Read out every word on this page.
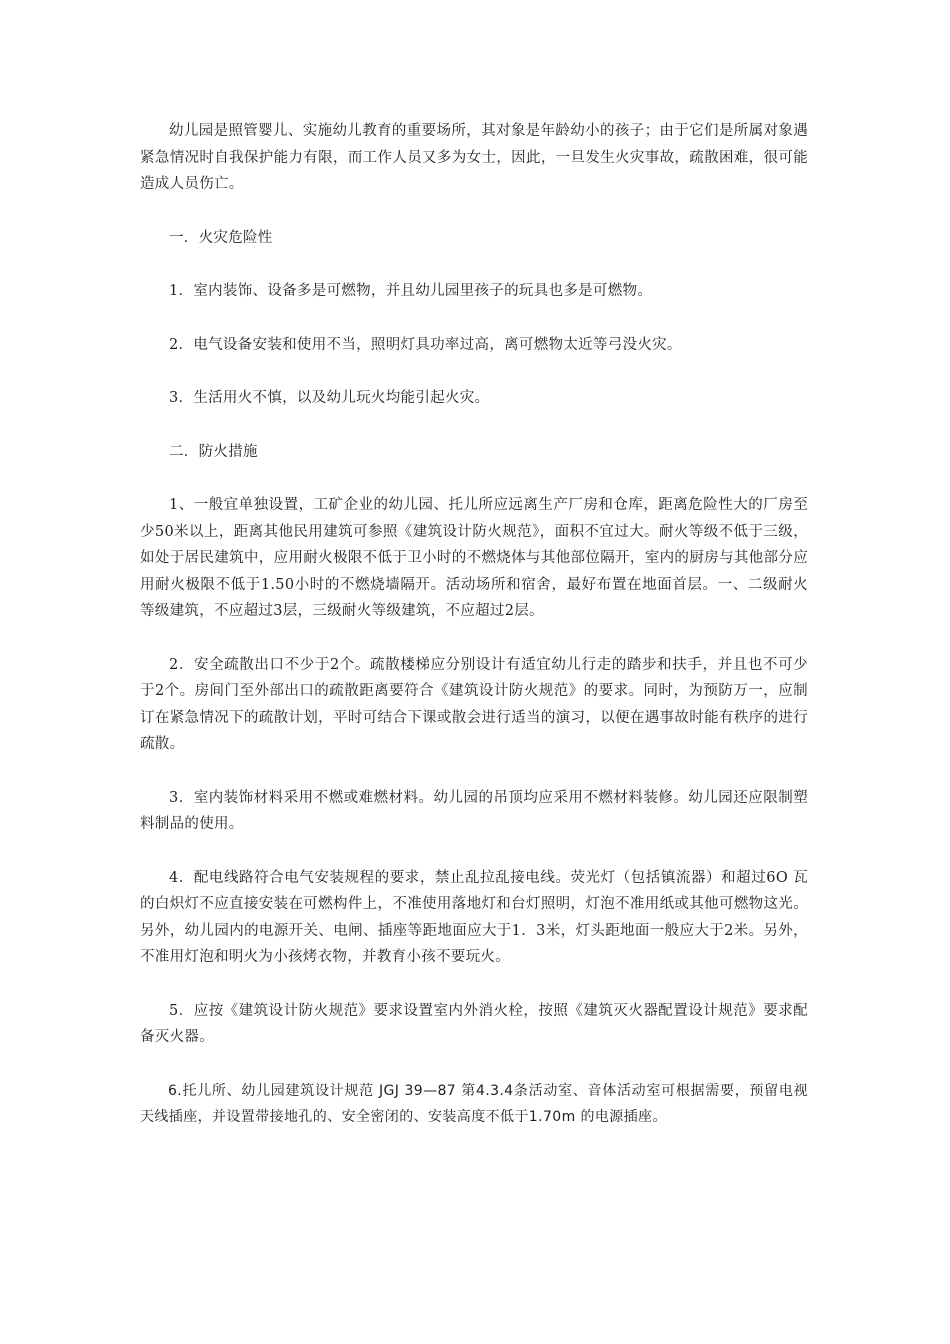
幼儿园是照管婴儿、实施幼儿教育的重要场所，其对象是年龄幼小的孩子；由于它们是所属对象遇紧急情况时自我保护能力有限，而工作人员又多为女士，因此，一旦发生火灾事故，疏散困难，很可能造成人员伤亡。

一．火灾危险性

1．室内装饰、设备多是可燃物，并且幼儿园里孩子的玩具也多是可燃物。

2．电气设备安装和使用不当，照明灯具功率过高，离可燃物太近等弓没火灾。

3．生活用火不慎，以及幼儿玩火均能引起火灾。

二．防火措施

1、一般宜单独设置，工矿企业的幼儿园、托儿所应远离生产厂房和仓库，距离危险性大的厂房至少50米以上，距离其他民用建筑可参照《建筑设计防火规范》，面积不宜过大。耐火等级不低于三级，如处于居民建筑中，应用耐火极限不低于卫小时的不燃烧体与其他部位隔开，室内的厨房与其他部分应用耐火极限不低于1.50小时的不燃烧墙隔开。活动场所和宿舍，最好布置在地面首层。一、二级耐火等级建筑，不应超过3层，三级耐火等级建筑，不应超过2层。

2．安全疏散出口不少于2个。疏散楼梯应分别设计有适宜幼儿行走的踏步和扶手，并且也不可少于2个。房间门至外部出口的疏散距离要符合《建筑设计防火规范》的要求。同时，为预防万一，应制订在紧急情况下的疏散计划，平时可结合下课或散会进行适当的演习，以便在遇事故时能有秩序的进行疏散。

3．室内装饰材料采用不燃或难燃材料。幼儿园的吊顶均应采用不燃材料装修。幼儿园还应限制塑料制品的使用。

4．配电线路符合电气安装规程的要求，禁止乱拉乱接电线。荧光灯（包括镇流器）和超过6O 瓦的白炽灯不应直接安装在可燃构件上，不准使用落地灯和台灯照明，灯泡不准用纸或其他可燃物这光。另外，幼儿园内的电源开关、电闸、插座等距地面应大于1．3米，灯头距地面一般应大于2米。另外，不准用灯泡和明火为小孩烤衣物，并教育小孩不要玩火。

5．应按《建筑设计防火规范》要求设置室内外消火栓，按照《建筑灭火器配置设计规范》要求配备灭火器。

6.托儿所、幼儿园建筑设计规范 JGJ 39—87 第4.3.4条活动室、音体活动室可根据需要，预留电视天线插座，并设置带接地孔的、安全密闭的、安装高度不低于1.70m 的电源插座。
